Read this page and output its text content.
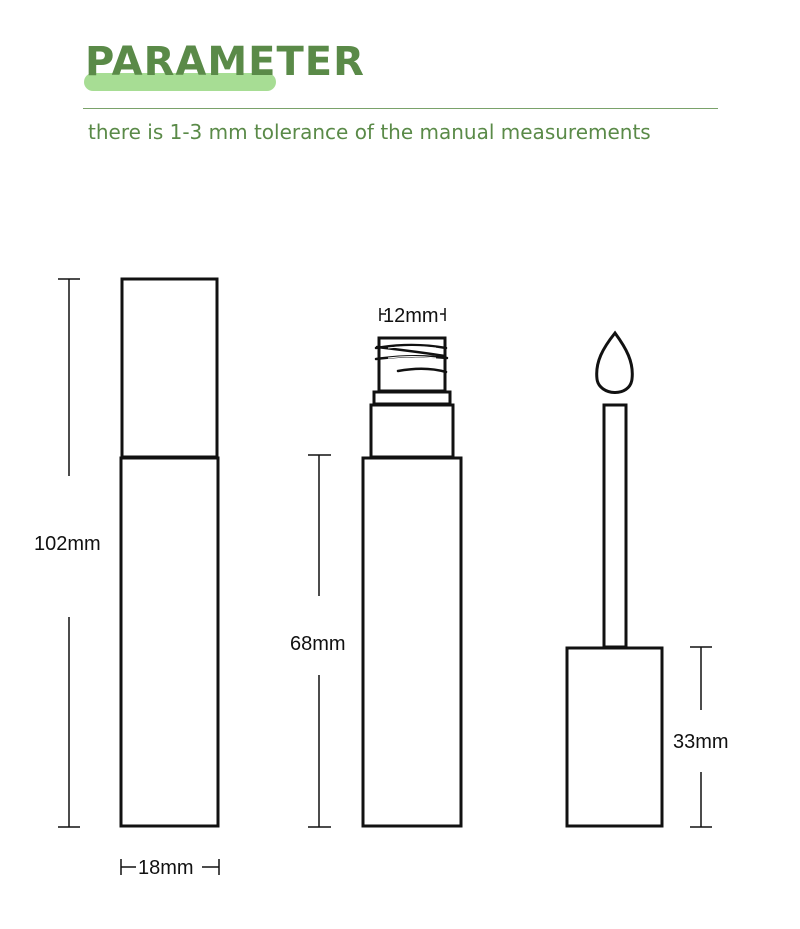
PARAMETER

there is 1-3 mm tolerance of the manual measurements

102mm
18mm
12mm
68mm
33mm
